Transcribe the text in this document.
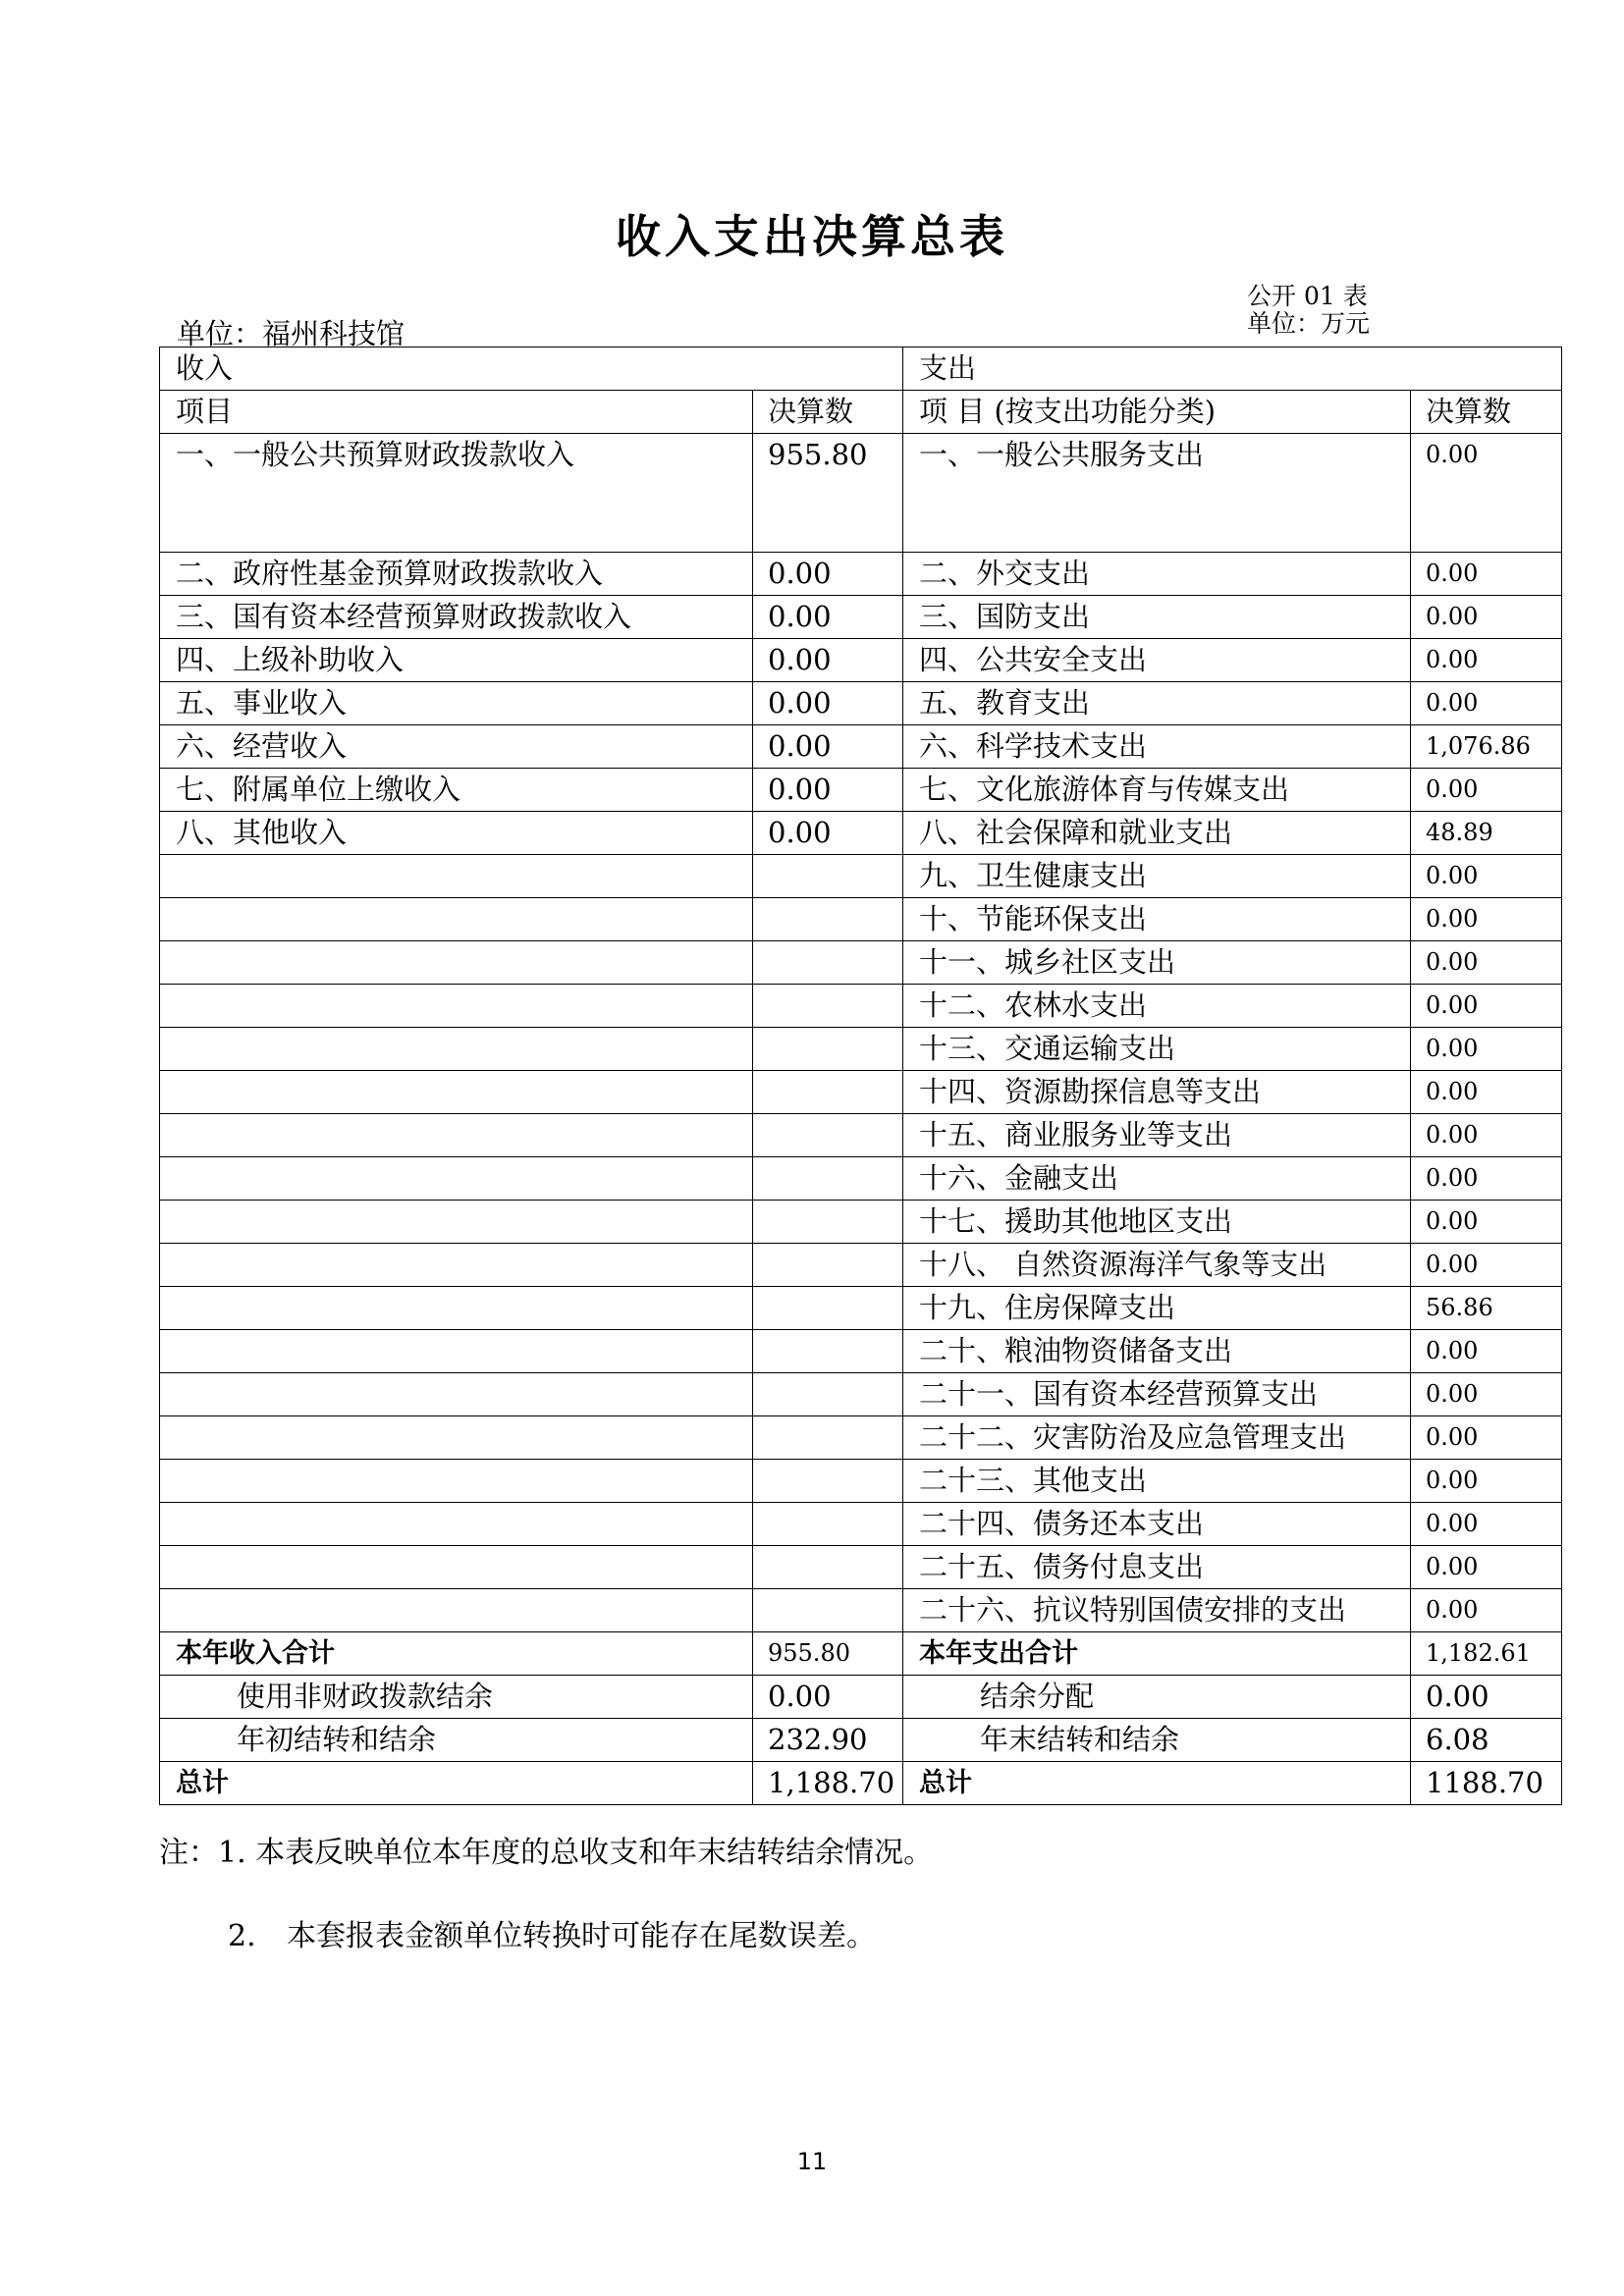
收入支出决算总表
公开 01 表
单位：万元
单位：福州科技馆
收入		支出	
项目	决算数	项 目 (按支出功能分类)	决算数
一、一般公共预算财政拨款收入	955.80	一、一般公共服务支出	0.00
二、政府性基金预算财政拨款收入	0.00	二、外交支出	0.00
三、国有资本经营预算财政拨款收入	0.00	三、国防支出	0.00
四、上级补助收入	0.00	四、公共安全支出	0.00
五、事业收入	0.00	五、教育支出	0.00
六、经营收入	0.00	六、科学技术支出	1,076.86
七、附属单位上缴收入	0.00	七、文化旅游体育与传媒支出	0.00
八、其他收入	0.00	八、社会保障和就业支出	48.89
		九、卫生健康支出	0.00
		十、节能环保支出	0.00
		十一、城乡社区支出	0.00
		十二、农林水支出	0.00
		十三、交通运输支出	0.00
		十四、资源勘探信息等支出	0.00
		十五、商业服务业等支出	0.00
		十六、金融支出	0.00
		十七、援助其他地区支出	0.00
		十八、 自然资源海洋气象等支出	0.00
		十九、住房保障支出	56.86
		二十、粮油物资储备支出	0.00
		二十一、国有资本经营预算支出	0.00
		二十二、灾害防治及应急管理支出	0.00
		二十三、其他支出	0.00
		二十四、债务还本支出	0.00
		二十五、债务付息支出	0.00
		二十六、抗议特别国债安排的支出	0.00
本年收入合计	955.80	本年支出合计	1,182.61
使用非财政拨款结余	0.00	结余分配	0.00
年初结转和结余	232.90	年末结转和结余	6.08
总计	1,188.70	总计	1188.70
注：1. 本表反映单位本年度的总收支和年末结转结余情况。
2. 本套报表金额单位转换时可能存在尾数误差。
11
